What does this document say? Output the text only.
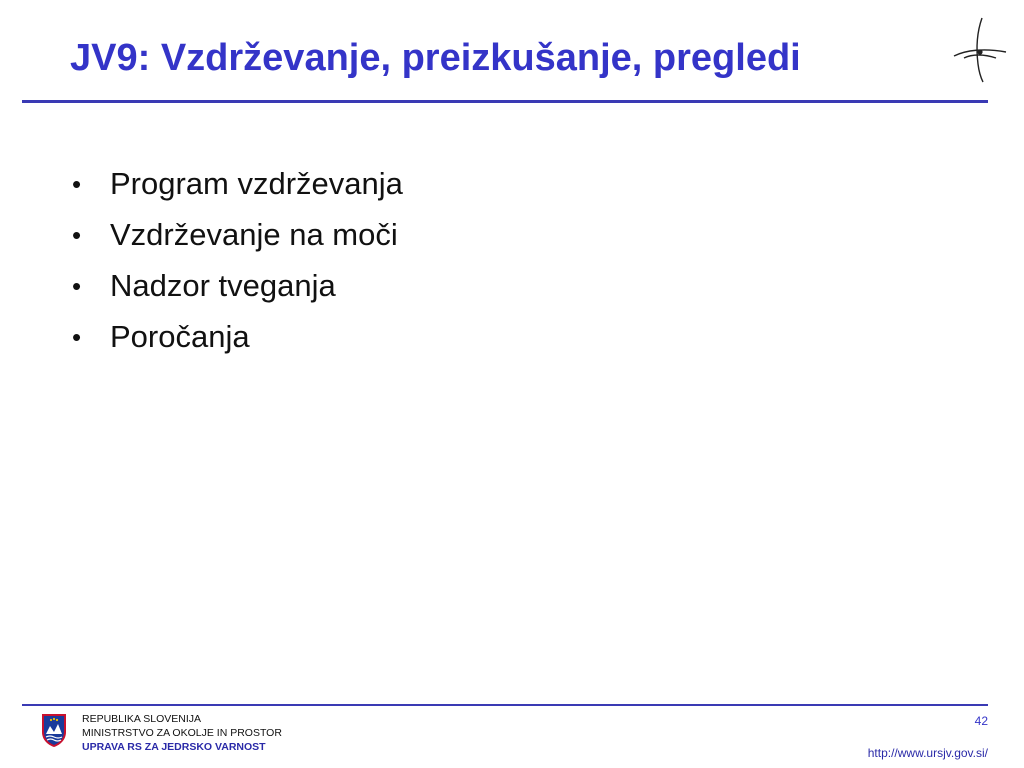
JV9: Vzdrževanje, preizkušanje, pregledi
• Program vzdrževanja
• Vzdrževanje na moči
• Nadzor tveganja
• Poročanja
REPUBLIKA SLOVENIJA
MINISTRSTVO ZA OKOLJE IN PROSTOR
UPRAVA RS ZA JEDRSKO VARNOST
42
http://www.ursjv.gov.si/
